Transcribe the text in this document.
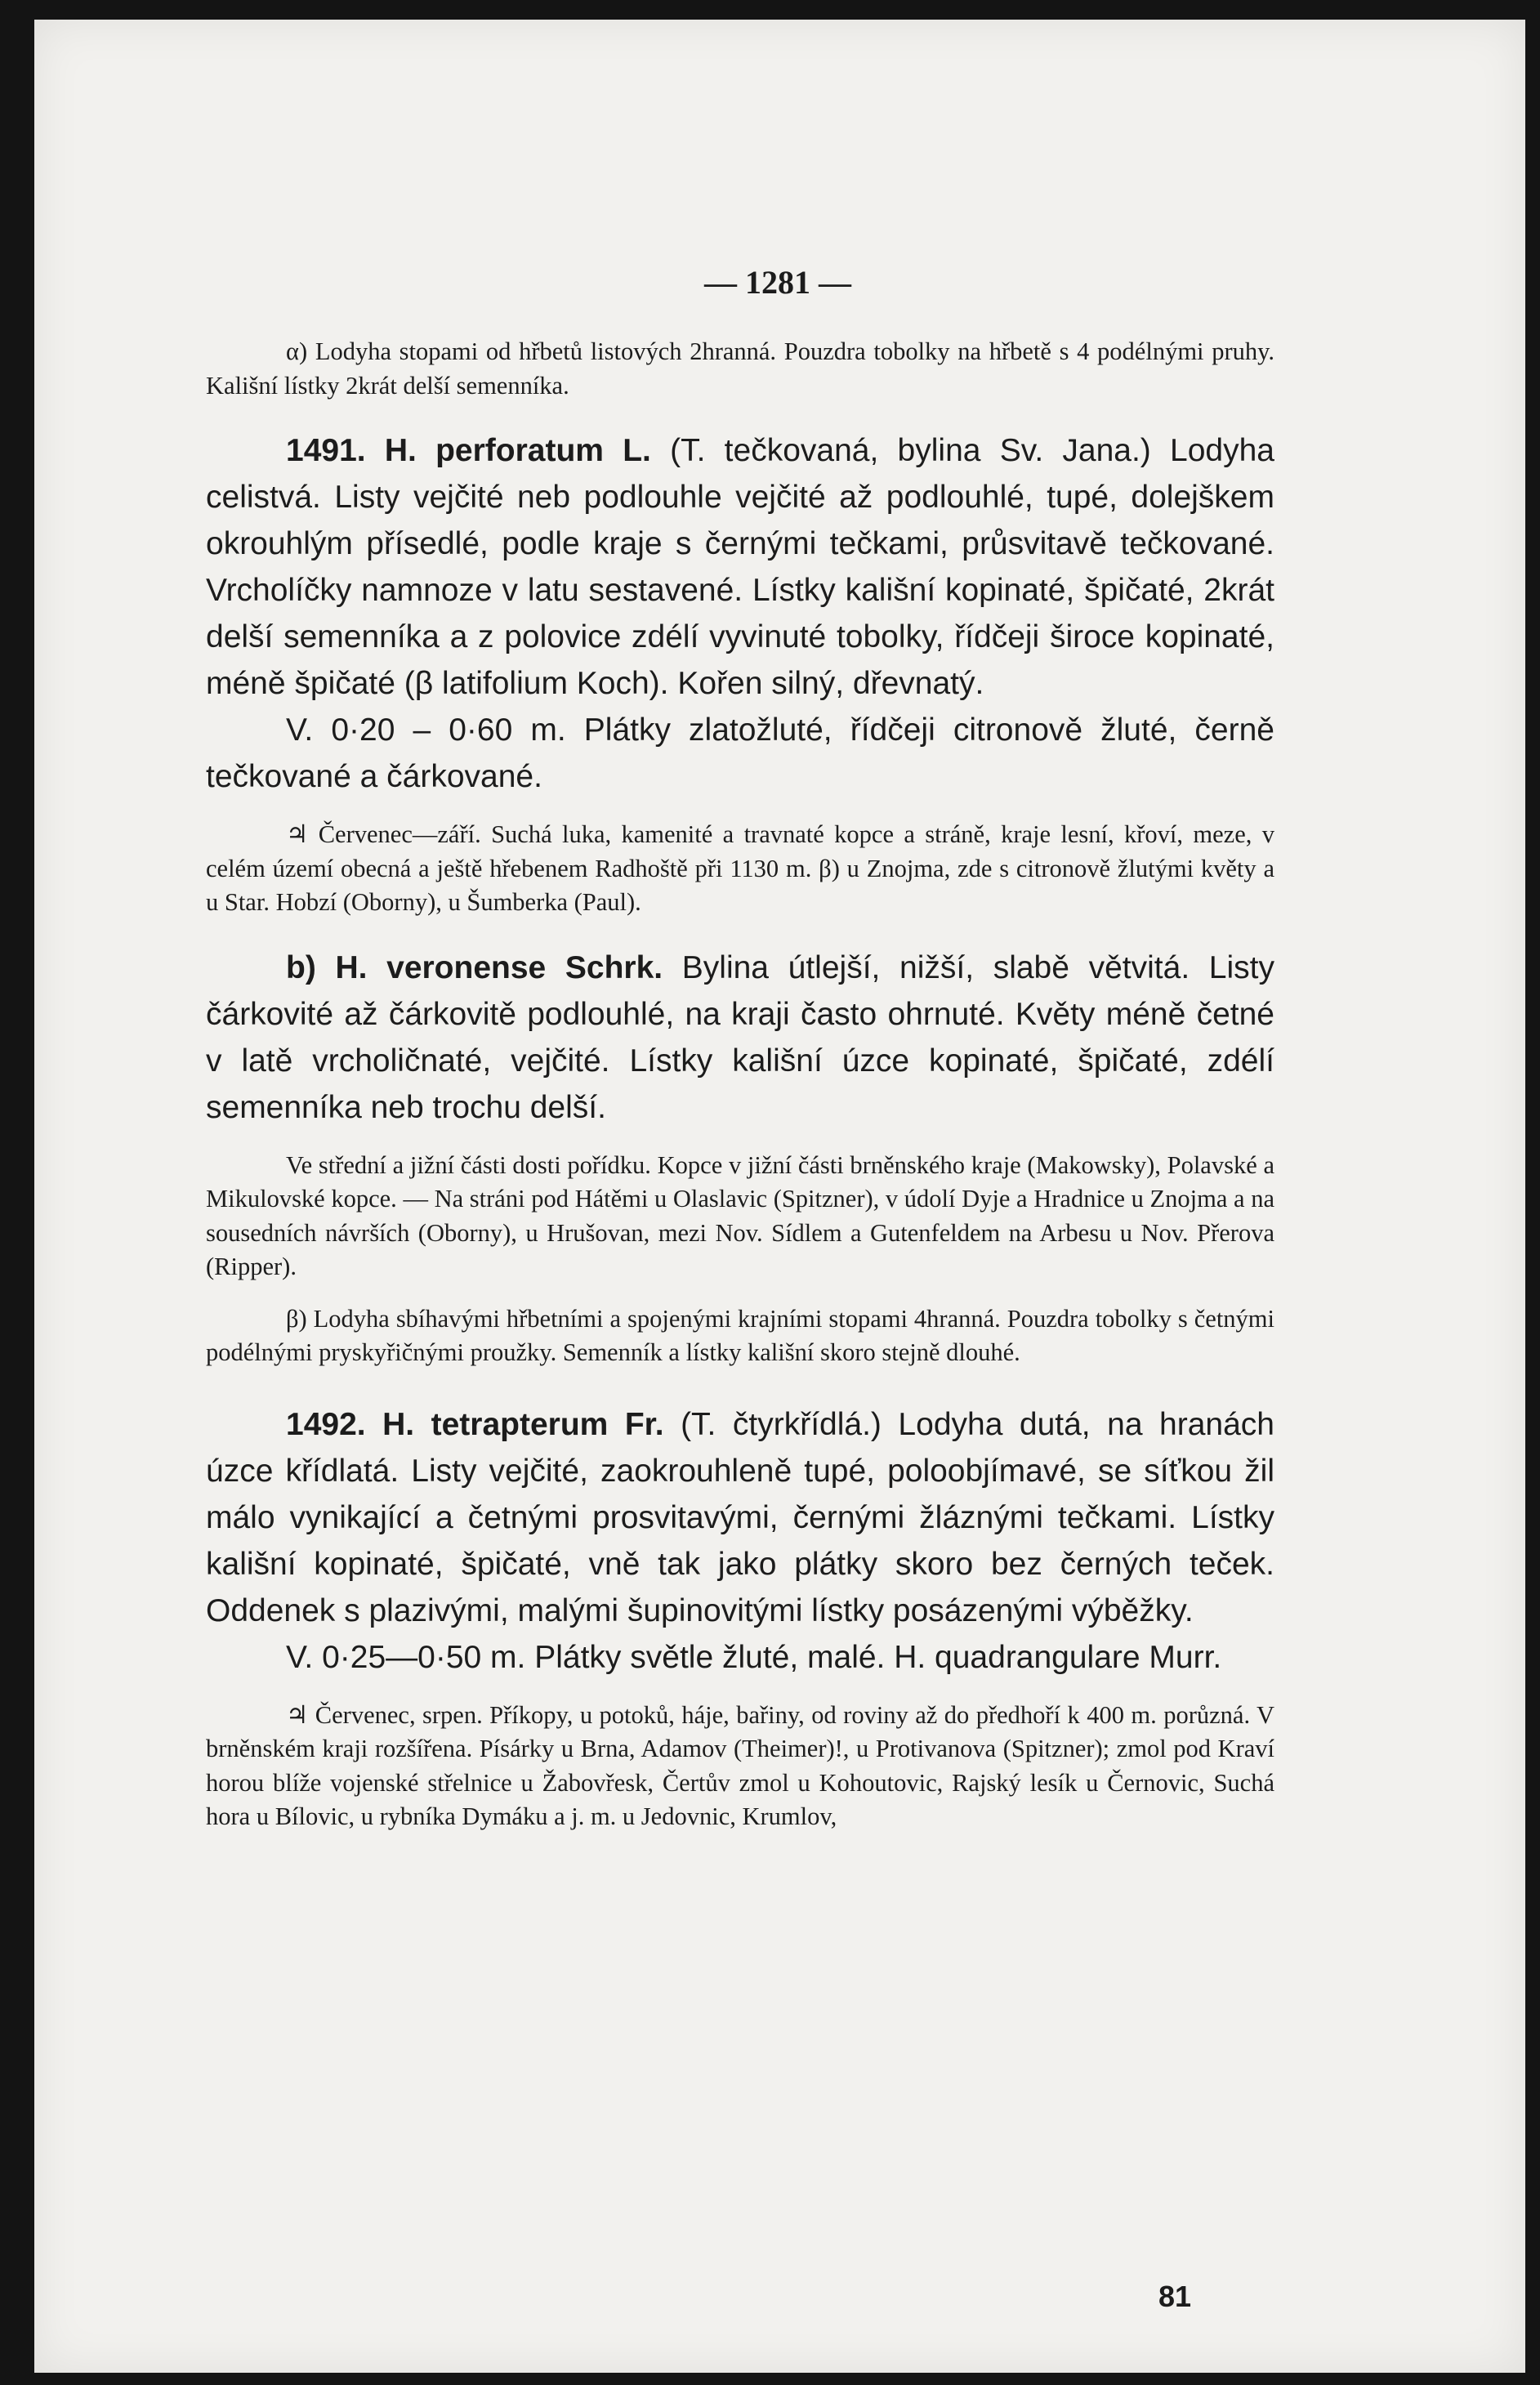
— 1281 —

α) Lodyha stopami od hřbetů listových 2hranná. Pouzdra tobolky na hřbetě s 4 podélnými pruhy. Kališní lístky 2krát delší semenníka.

1491. H. perforatum L. (T. tečkovaná, bylina Sv. Jana.) Lodyha celistvá. Listy vejčité neb podlouhle vejčité až podlouhlé, tupé, dolejškem okrouhlým přísedlé, podle kraje s černými tečkami, průsvitavě tečkované. Vrcholíčky namnoze v latu sestavené. Lístky kališní kopinaté, špičaté, 2krát delší semenníka a z polovice zdélí vyvinuté tobolky, řídčeji široce kopinaté, méně špičaté (β latifolium Koch). Kořen silný, dřevnatý.

V. 0·20 – 0·60 m. Plátky zlatožluté, řídčeji citronově žluté, černě tečkované a čárkované.

♃ Červenec—září. Suchá luka, kamenité a travnaté kopce a stráně, kraje lesní, křoví, meze, v celém území obecná a ještě hřebenem Radhoště při 1130 m. β) u Znojma, zde s citronově žlutými květy a u Star. Hobzí (Oborny), u Šumberka (Paul).

b) H. veronense Schrk. Bylina útlejší, nižší, slabě větvitá. Listy čárkovité až čárkovitě podlouhlé, na kraji často ohrnuté. Květy méně četné v latě vrcholičnaté, vejčité. Lístky kališní úzce kopinaté, špičaté, zdélí semenníka neb trochu delší.

Ve střední a jižní části dosti pořídku. Kopce v jižní části brněnského kraje (Makowsky), Polavské a Mikulovské kopce. — Na stráni pod Hátěmi u Olaslavic (Spitzner), v údolí Dyje a Hradnice u Znojma a na sousedních návrších (Oborny), u Hrušovan, mezi Nov. Sídlem a Gutenfeldem na Arbesu u Nov. Přerova (Ripper).

β) Lodyha sbíhavými hřbetními a spojenými krajními stopami 4hranná. Pouzdra tobolky s četnými podélnými pryskyřičnými proužky. Semenník a lístky kališní skoro stejně dlouhé.

1492. H. tetrapterum Fr. (T. čtyrkřídlá.) Lodyha dutá, na hranách úzce křídlatá. Listy vejčité, zaokrouhleně tupé, poloobjímavé, se síťkou žil málo vynikající a četnými prosvitavými, černými žláznými tečkami. Lístky kališní kopinaté, špičaté, vně tak jako plátky skoro bez černých teček. Oddenek s plazivými, malými šupinovitými lístky posázenými výběžky.

V. 0·25—0·50 m. Plátky světle žluté, malé. H. quadrangulare Murr.

♃ Červenec, srpen. Příkopy, u potoků, háje, bařiny, od roviny až do předhoří k 400 m. porůzná. V brněnském kraji rozšířena. Písárky u Brna, Adamov (Theimer)!, u Protivanova (Spitzner); zmol pod Kraví horou blíže vojenské střelnice u Žabovřesk, Čertův zmol u Kohoutovic, Rajský lesík u Černovic, Suchá hora u Bílovic, u rybníka Dymáku a j. m. u Jedovnic, Krumlov,

81
